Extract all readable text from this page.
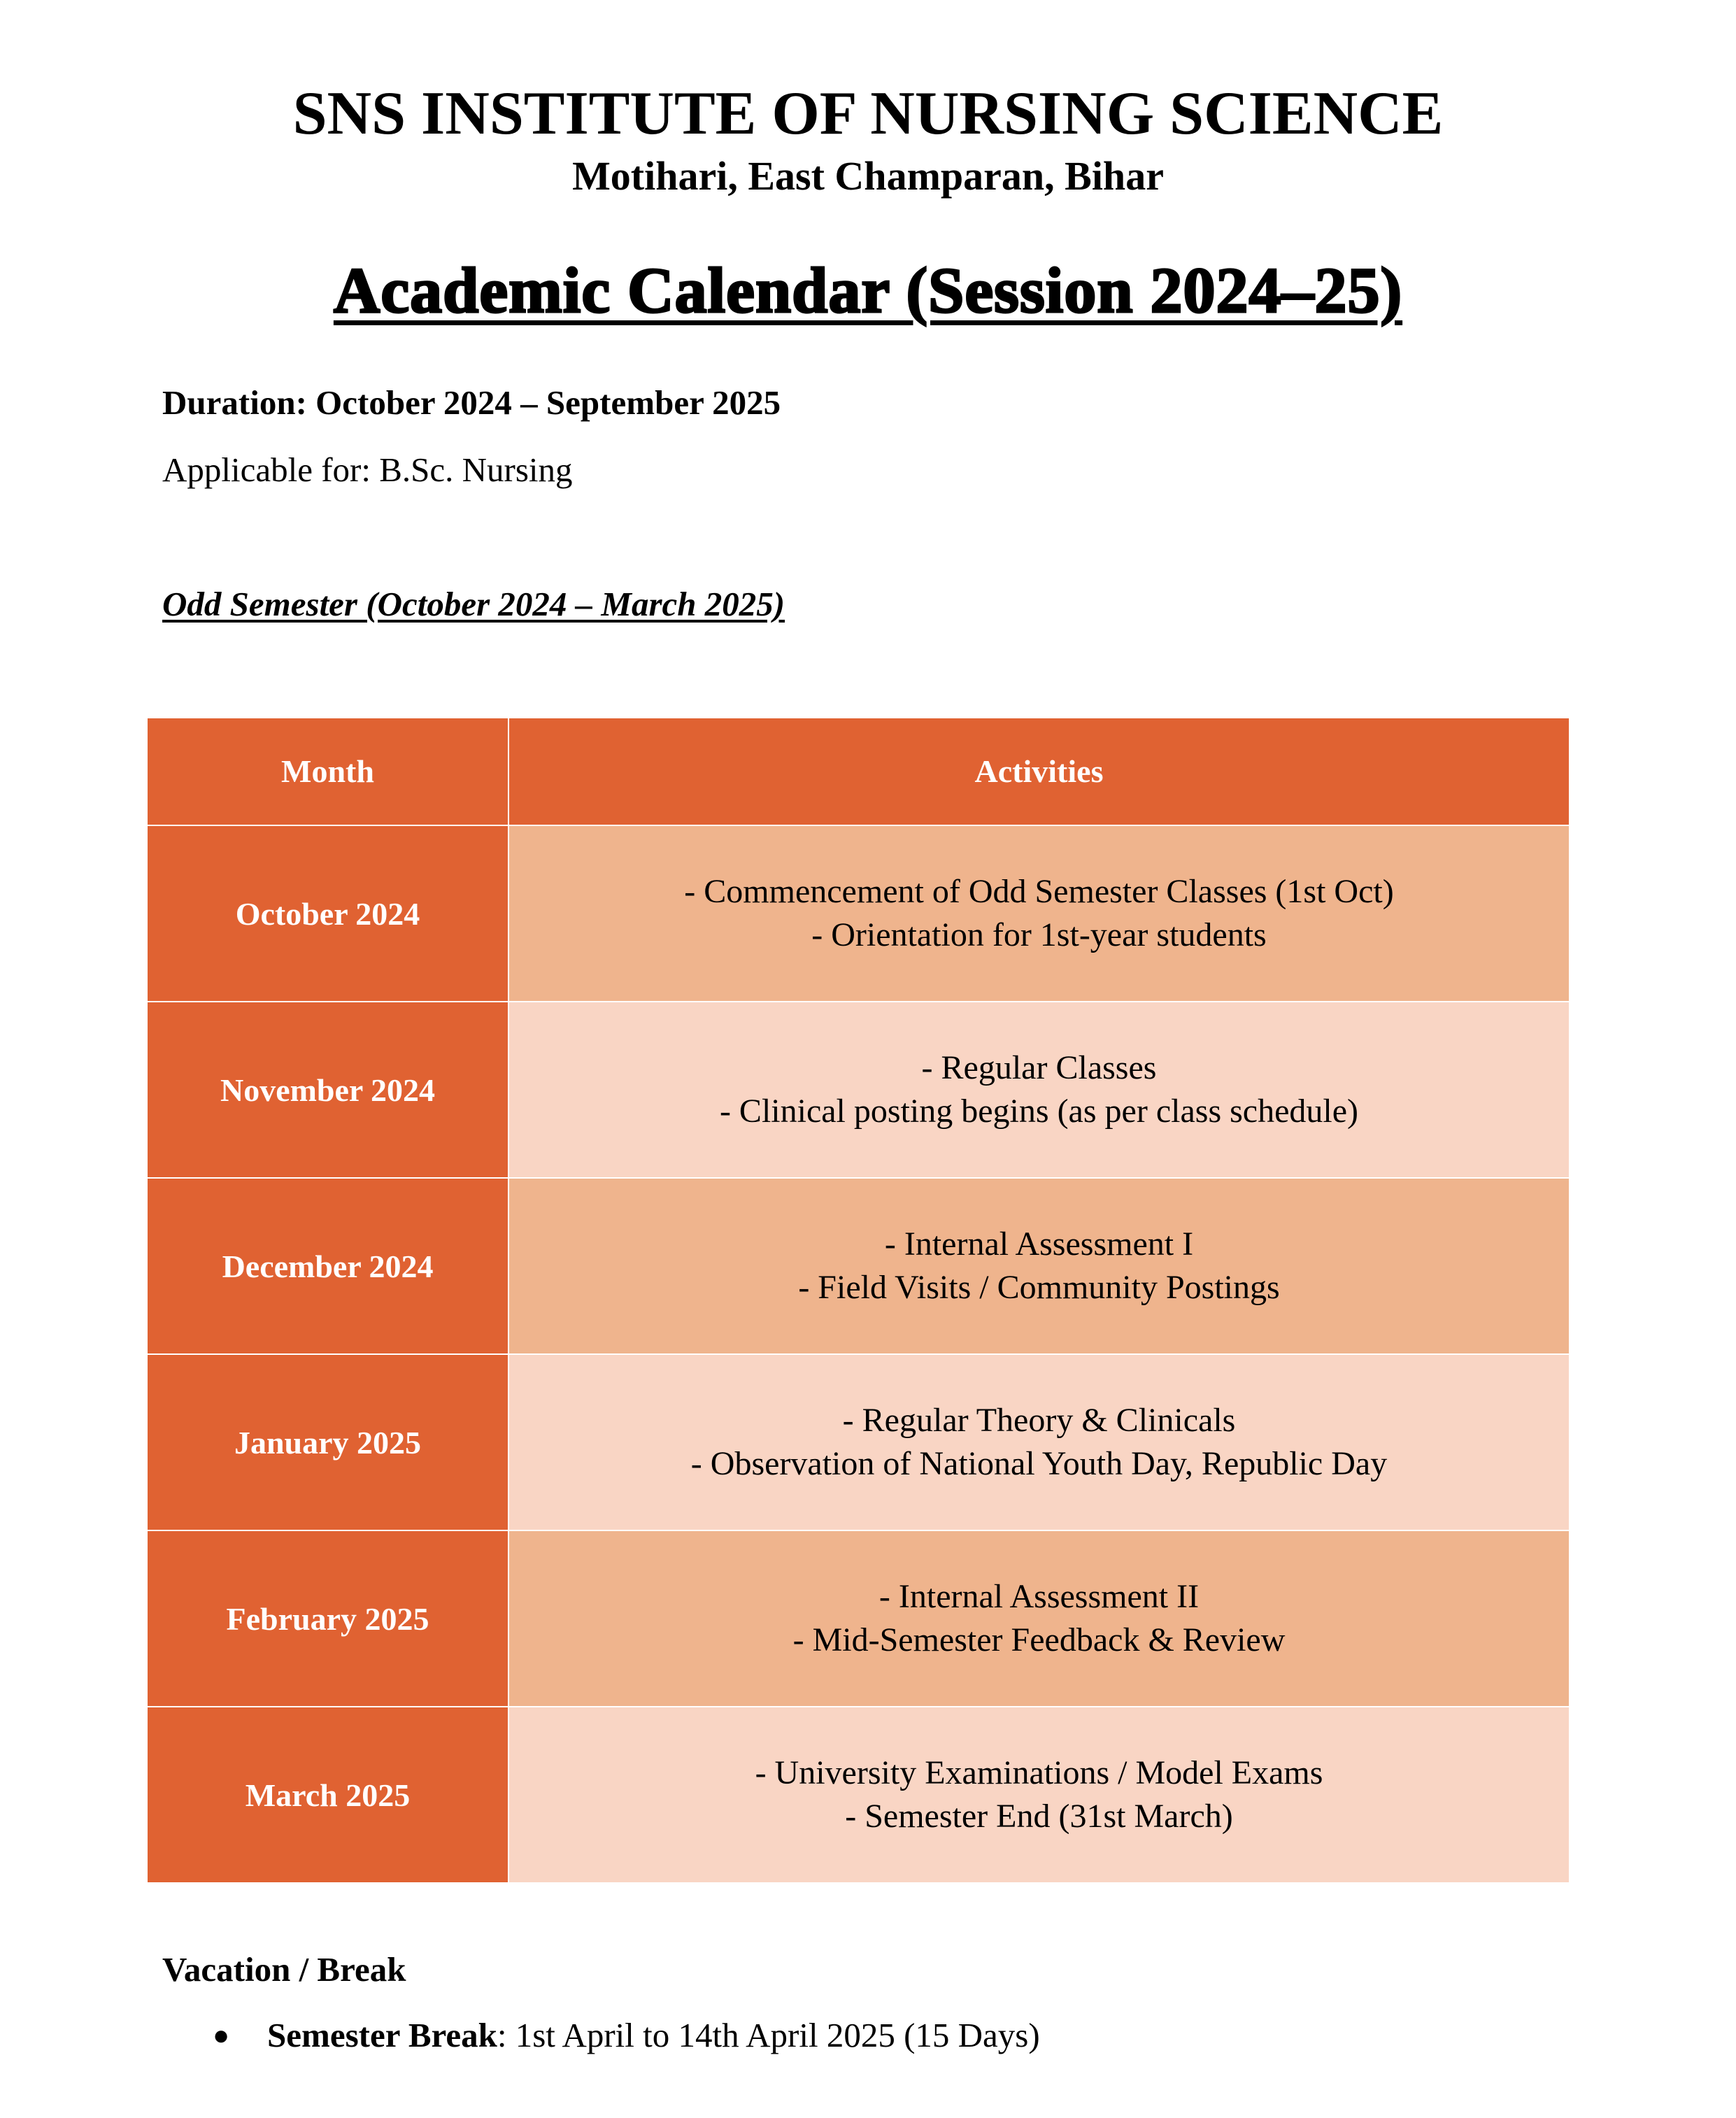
SNS INSTITUTE OF NURSING SCIENCE

Motihari, East Champaran, Bihar

Academic Calendar (Session 2024–25)

Duration: October 2024 – September 2025

Applicable for: B.Sc. Nursing

Odd Semester (October 2024 – March 2025)

Month	Activities
October 2024	- Commencement of Odd Semester Classes (1st Oct)
- Orientation for 1st-year students

November 2024	- Regular Classes
- Clinical posting begins (as per class schedule)

December 2024	- Internal Assessment I
- Field Visits / Community Postings

January 2025	- Regular Theory & Clinicals
- Observation of National Youth Day, Republic Day

February 2025	- Internal Assessment II
- Mid-Semester Feedback & Review

March 2025	- University Examinations / Model Exams
- Semester End (31st March)

Vacation / Break

● Semester Break: 1st April to 14th April 2025 (15 Days)
